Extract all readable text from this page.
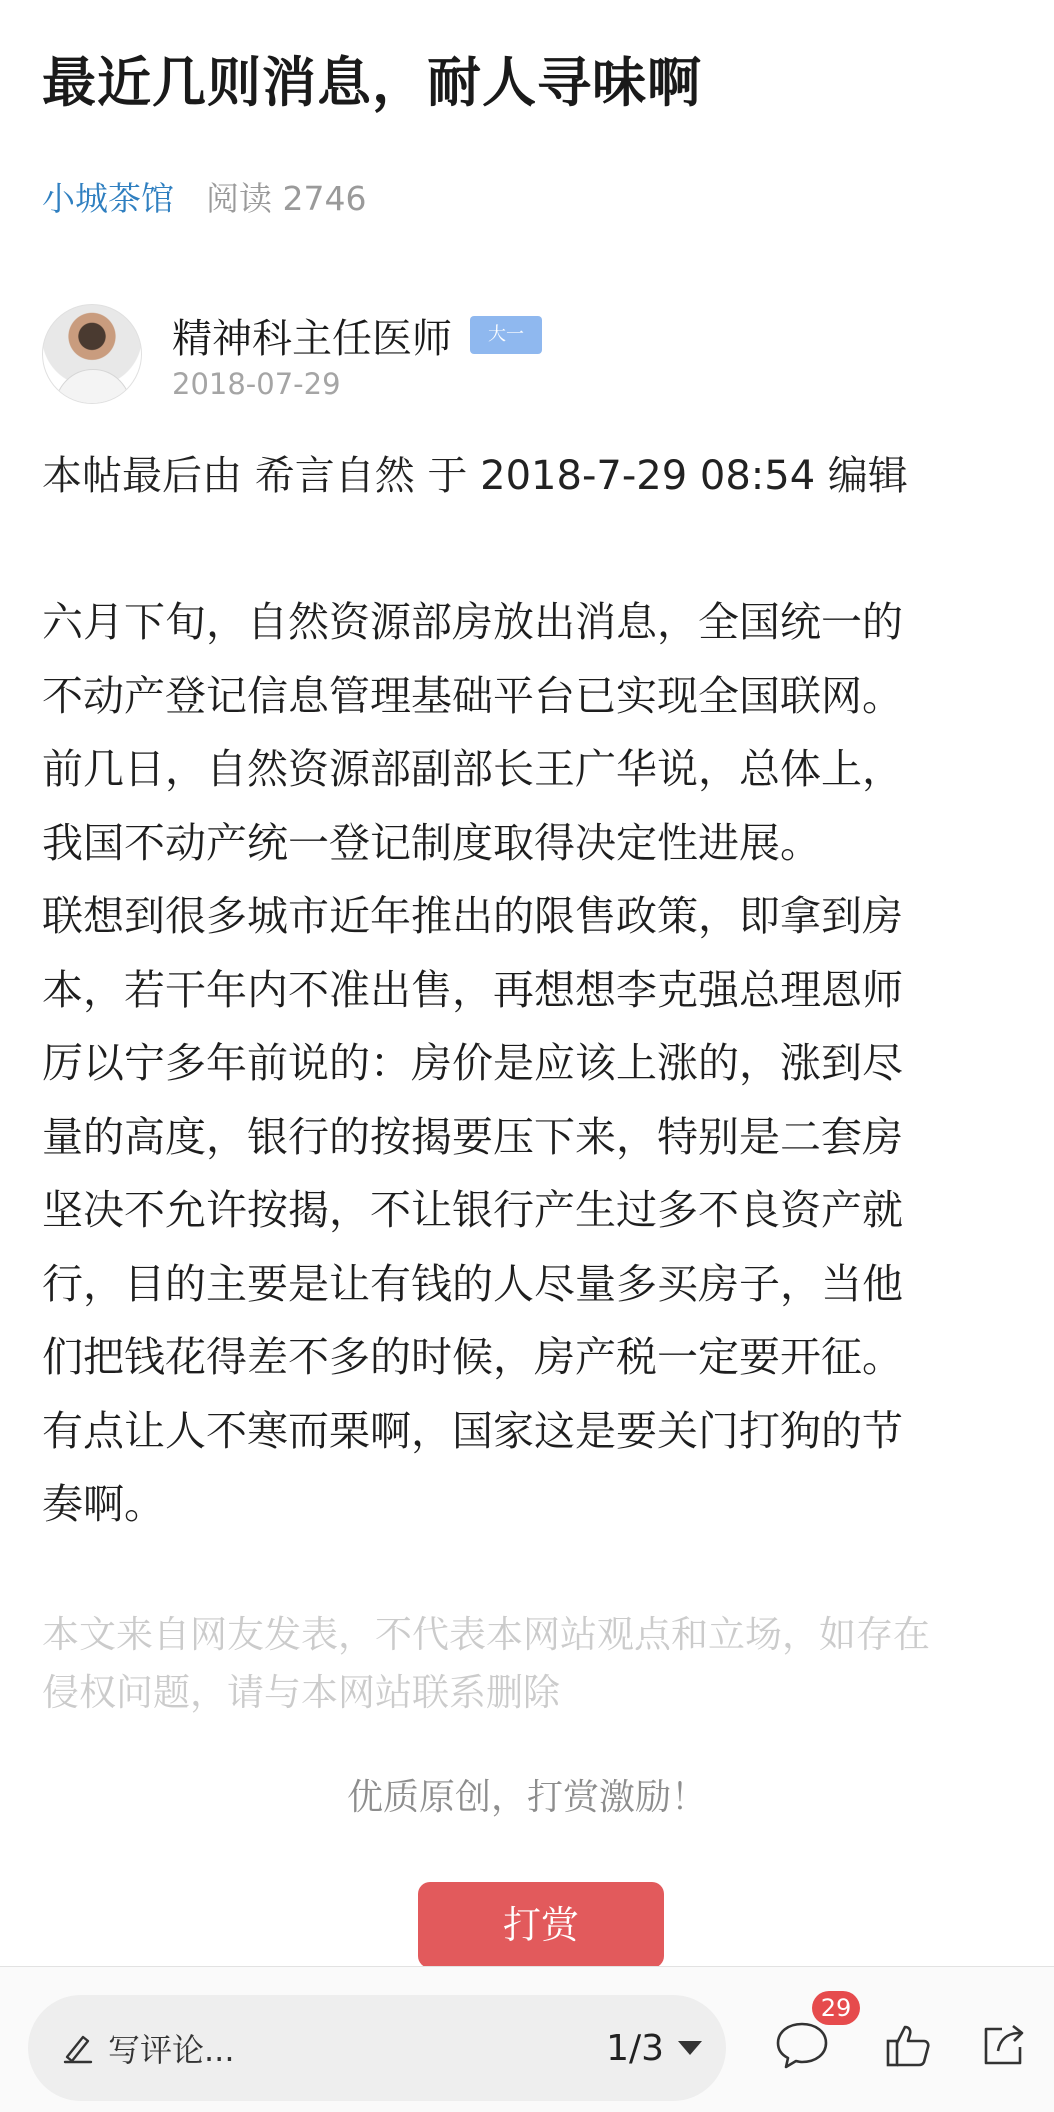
最近几则消息，耐人寻味啊
小城茶馆 阅读 2746
精神科主任医师	大一
2018-07-29
本帖最后由 希言自然 于 2018-7-29 08:54 编辑

六月下旬，自然资源部房放出消息，全国统一的
不动产登记信息管理基础平台已实现全国联网。
前几日，自然资源部副部长王广华说，总体上，
我国不动产统一登记制度取得决定性进展。
联想到很多城市近年推出的限售政策，即拿到房
本，若干年内不准出售，再想想李克强总理恩师
厉以宁多年前说的：房价是应该上涨的，涨到尽
量的高度，银行的按揭要压下来，特别是二套房
坚决不允许按揭，不让银行产生过多不良资产就
行，目的主要是让有钱的人尽量多买房子，当他
们把钱花得差不多的时候，房产税一定要开征。
有点让人不寒而栗啊，国家这是要关门打狗的节
奏啊。

本文来自网友发表，不代表本网站观点和立场，如存在
侵权问题，请与本网站联系删除
优质原创，打赏激励！
打赏
写评论...	1/3
29
